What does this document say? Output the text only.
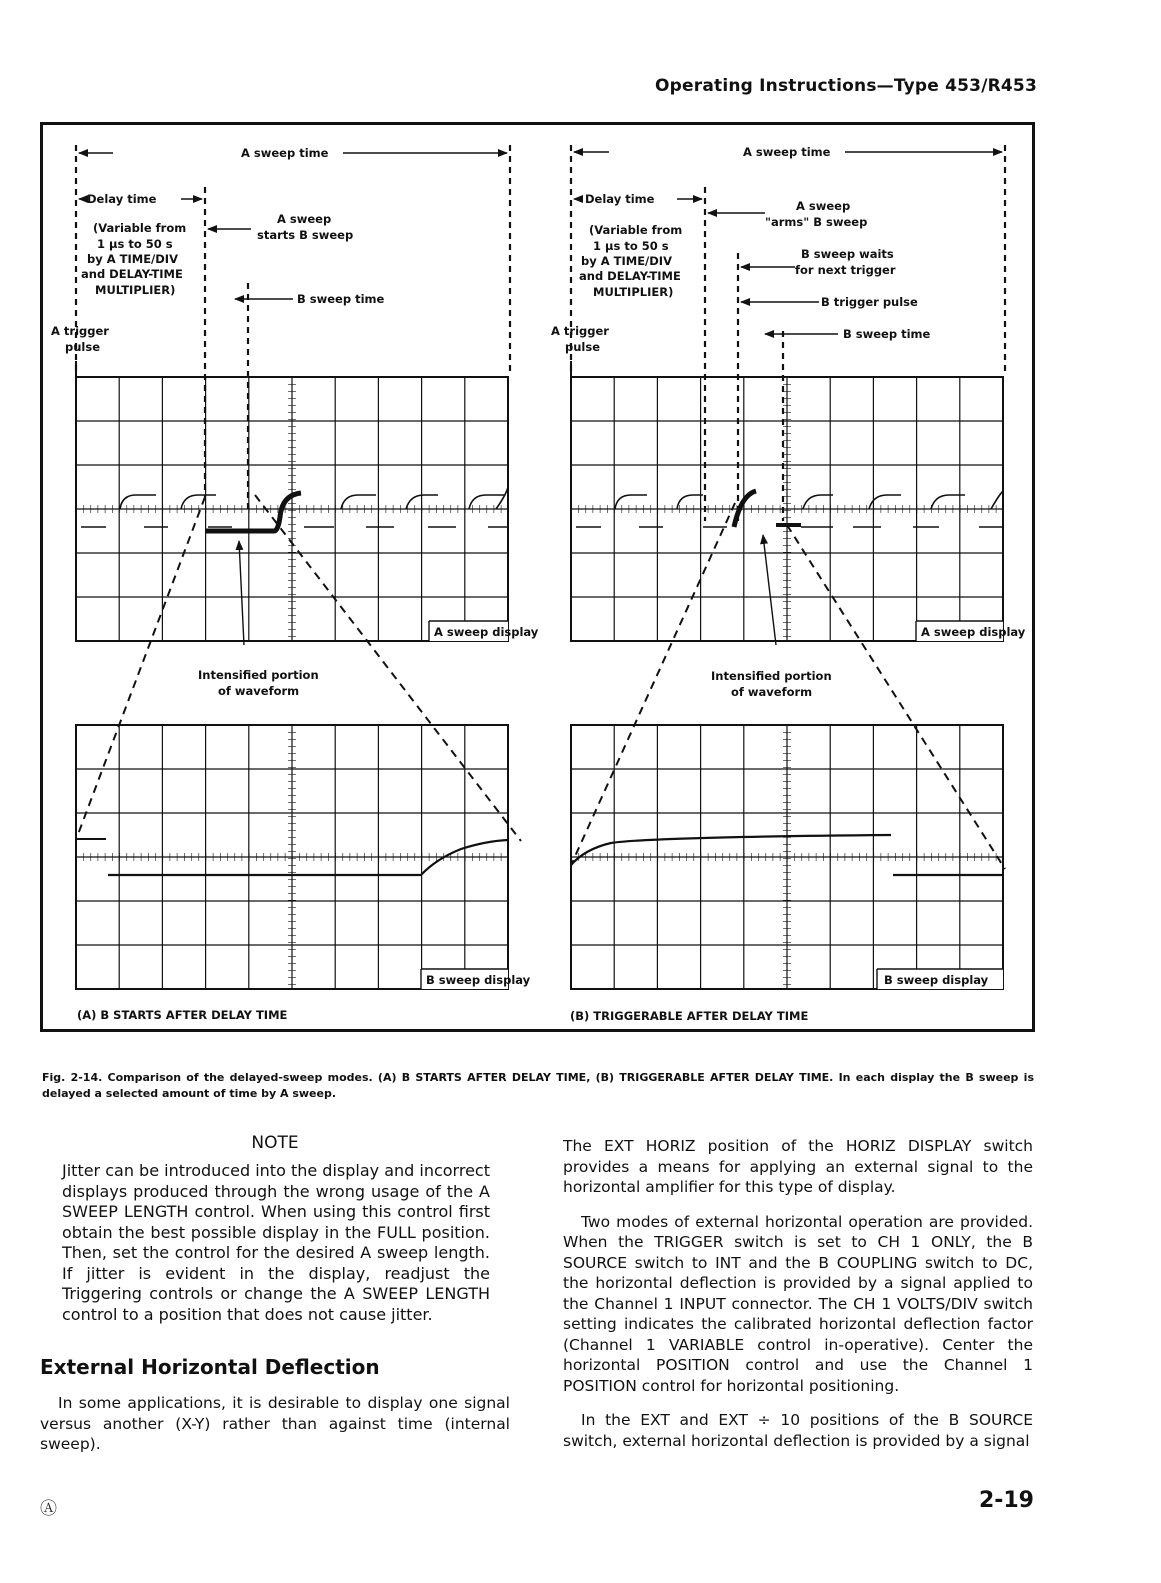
Operating Instructions—Type 453/R453
A sweep time
Delay time
(Variable from
1 µs to 50 s
by A TIME/DIV
and DELAY-TIME
MULTIPLIER)
A sweep
starts B sweep
B sweep time
A trigger
pulse
A sweep display
Intensified portion
of waveform
B sweep display
(A) B STARTS AFTER DELAY TIME
A sweep time
Delay time
(Variable from
1 µs to 50 s
by A TIME/DIV
and DELAY-TIME
MULTIPLIER)
A sweep
"arms" B sweep
B sweep waits
for next trigger
B trigger pulse
B sweep time
A trigger
pulse
A sweep display
Intensified portion
of waveform
B sweep display
(B) TRIGGERABLE AFTER DELAY TIME
Fig. 2-14. Comparison of the delayed-sweep modes. (A) B STARTS AFTER DELAY TIME, (B) TRIGGERABLE AFTER DELAY TIME. In each display the B sweep is delayed a selected amount of time by A sweep.
NOTE
Jitter can be introduced into the display and incorrect displays produced through the wrong usage of the A SWEEP LENGTH control. When using this control first obtain the best possible display in the FULL position. Then, set the control for the desired A sweep length. If jitter is evident in the display, readjust the Triggering controls or change the A SWEEP LENGTH control to a position that does not cause jitter.
External Horizontal Deflection
In some applications, it is desirable to display one signal versus another (X-Y) rather than against time (internal sweep).
The EXT HORIZ position of the HORIZ DISPLAY switch provides a means for applying an external signal to the horizontal amplifier for this type of display.
Two modes of external horizontal operation are provided. When the TRIGGER switch is set to CH 1 ONLY, the B SOURCE switch to INT and the B COUPLING switch to DC, the horizontal deflection is provided by a signal applied to the Channel 1 INPUT connector. The CH 1 VOLTS/DIV switch setting indicates the calibrated horizontal deflection factor (Channel 1 VARIABLE control in-operative). Center the horizontal POSITION control and use the Channel 1 POSITION control for horizontal positioning.
In the EXT and EXT ÷ 10 positions of the B SOURCE switch, external horizontal deflection is provided by a signal
Ⓐ	2-19
